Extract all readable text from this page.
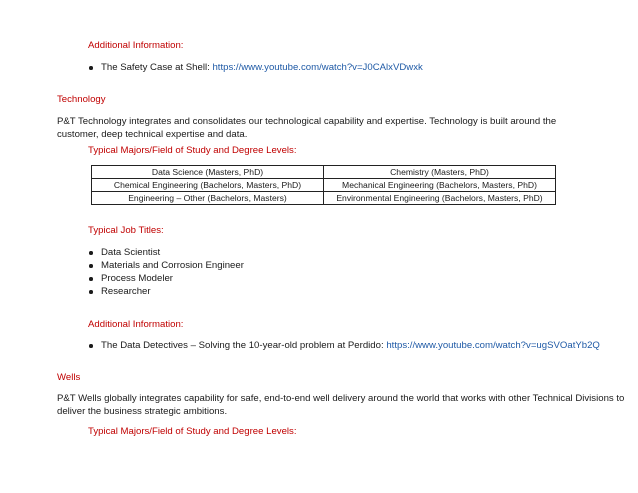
Additional Information:
The Safety Case at Shell: https://www.youtube.com/watch?v=J0CAlxVDwxk
Technology
P&T Technology integrates and consolidates our technological capability and expertise. Technology is built around the
customer, deep technical expertise and data.
Typical Majors/Field of Study and Degree Levels:
Data Science (Masters, PhD)	Chemistry (Masters, PhD)
Chemical Engineering (Bachelors, Masters, PhD)	Mechanical Engineering (Bachelors, Masters, PhD)
Engineering – Other (Bachelors, Masters)	Environmental Engineering (Bachelors, Masters, PhD)
Typical Job Titles:
Data Scientist
Materials and Corrosion Engineer
Process Modeler
Researcher
Additional Information:
The Data Detectives – Solving the 10-year-old problem at Perdido: https://www.youtube.com/watch?v=ugSVOatYb2Q
Wells
P&T Wells globally integrates capability for safe, end-to-end well delivery around the world that works with other Technical Divisions to
deliver the business strategic ambitions.
Typical Majors/Field of Study and Degree Levels:
